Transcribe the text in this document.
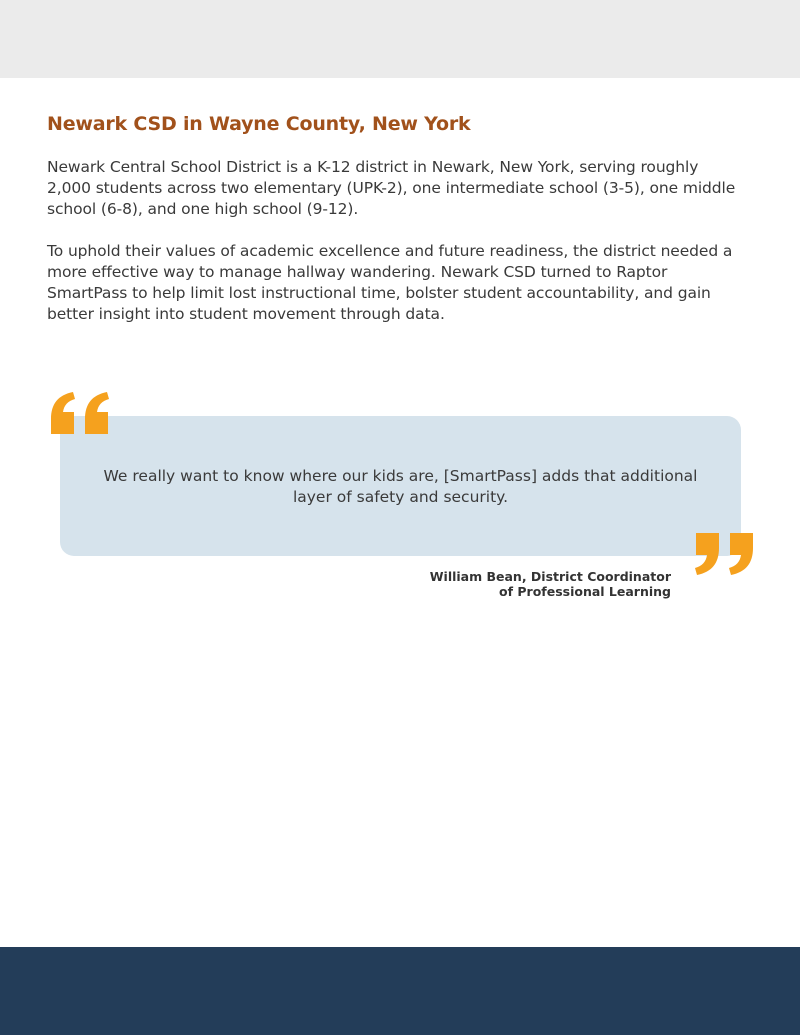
Newark CSD in Wayne County, New York

Newark Central School District is a K-12 district in Newark, New York, serving roughly 2,000 students across two elementary (UPK-2), one intermediate school (3-5), one middle school (6-8), and one high school (9-12).

To uphold their values of academic excellence and future readiness, the district needed a more effective way to manage hallway wandering. Newark CSD turned to Raptor SmartPass to help limit lost instructional time, bolster student accountability, and gain better insight into student movement through data.

We really want to know where our kids are, [SmartPass] adds that additional layer of safety and security.

William Bean, District Coordinator
of Professional Learning
